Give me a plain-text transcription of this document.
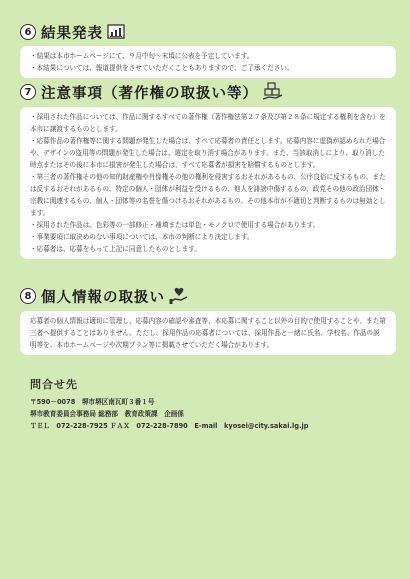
6 結果発表

・結果は本市ホームページにて、９月中旬～末頃に公表を予定しています。

・本結果については、報道提供をさせていただくこともありますので、ご了承ください。

7 注意事項（著作権の取扱い等）

・採用された作品については、作品に関するすべての著作権（著作権法第２７条及び第２８条に規定する権利を含む）を本市に譲渡するものとします。

・応募作品の著作権等に関する問題が発生した場合は、すべて応募者の責任とします。応募内容に虚偽が認められた場合や、デザインの盗用等の問題が発生した場合は、選定を取り消す場合があります。また、当該取消しにより、取り消した時点またはその後に本市に損害が発生した場合は、すべて応募者が損害を賠償するものとします。

・第三者の著作権その他の知的財産権や肖像権その他の権利を侵害するおそれがあるもの、公序良俗に反するもの、または反するおそれがあるもの、特定の個人・団体が利益を受けるもの、他人を誹謗中傷するもの、政党その他の政治団体・宗教に関連するもの、個人・団体等の名誉を傷つけるおそれがあるもの、その他本市が不適切と判断するものは無効とします。

・採用された作品は、色彩等の一部修正・補填または単色・モノクロで使用する場合があります。

・事業要項に取決めのない事項については、本市の判断により決定します。

・応募者は、応募をもって上記に同意したものとします。

8 個人情報の取扱い

応募者の個人情報は適切に管理し、応募内容の確認や審査等、本応募に関すること以外の目的で使用することや、また第三者へ提供することはありません。ただし、採用作品の応募者については、採用作品と一緒に氏名、学校名、作品の説明等を、本市ホームページや次期プラン等に掲載させていただく場合があります。

問合せ先
〒590－0078　堺市堺区南瓦町３番１号
堺市教育委員会事務局 総務部　教育政策課　企画係
ＴＥＬ　072-228-7925 ＦＡＸ　072-228-7890　E-mail　kyosei@city.sakai.lg.jp
